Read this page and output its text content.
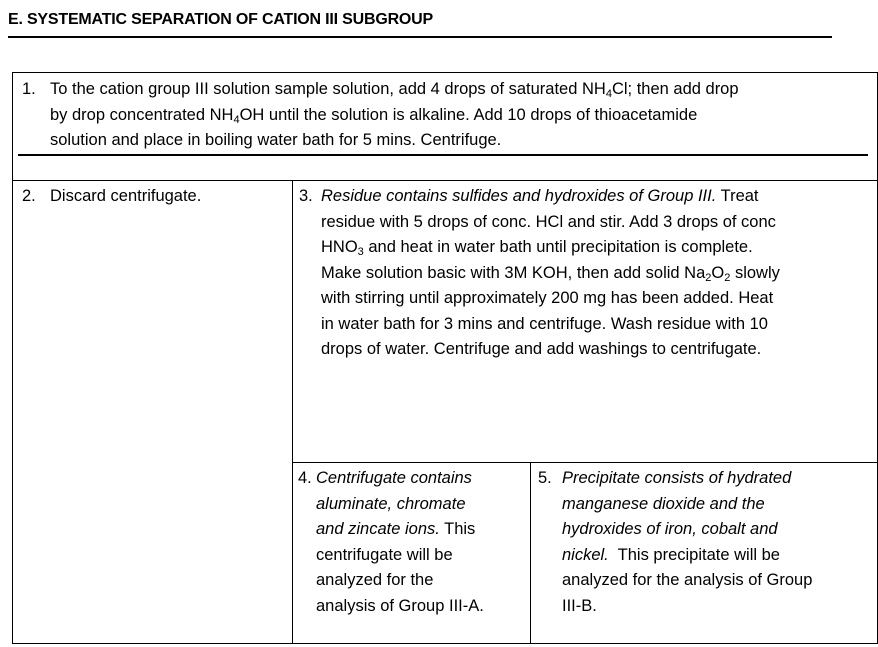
E. SYSTEMATIC SEPARATION OF CATION III SUBGROUP
1. To the cation group III solution sample solution, add 4 drops of saturated $NH_4Cl$; then add drop
by drop concentrated $NH_4OH$ until the solution is alkaline. Add 10 drops of thioacetamide
solution and place in boiling water bath for 5 mins. Centrifuge.
2. Discard centrifugate.	3. Residue contains sulfides and hydroxides of Group III. Treat
residue with 5 drops of conc. HCl and stir. Add 3 drops of conc
$HNO_3$ and heat in water bath until precipitation is complete.
Make solution basic with 3M KOH, then add solid $Na_2O_2$ slowly
with stirring until approximately 200 mg has been added. Heat
in water bath for 3 mins and centrifuge. Wash residue with 10
drops of water. Centrifuge and add washings to centrifugate.
4. Centrifugate contains
aluminate, chromate
and zincate ions. This
centrifugate will be
analyzed for the
analysis of Group III-A.
5. Precipitate consists of hydrated
manganese dioxide and the
hydroxides of iron, cobalt and
nickel.  This precipitate will be
analyzed for the analysis of Group
III-B.
